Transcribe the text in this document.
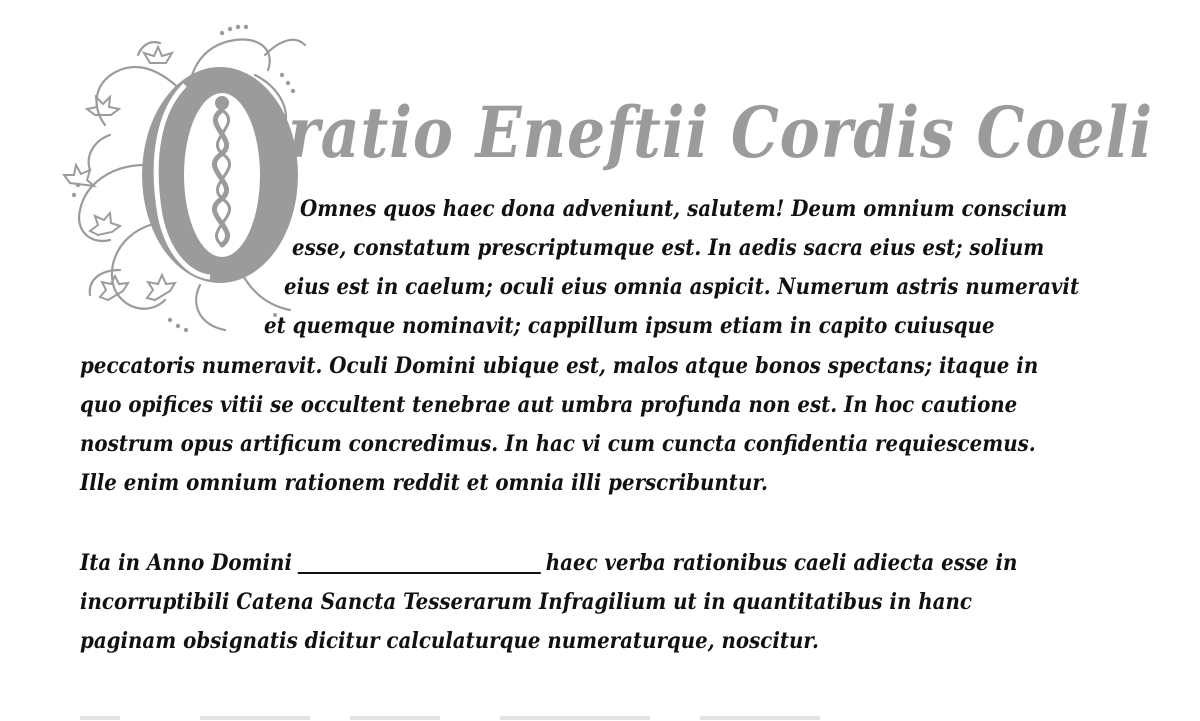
ratio Eneftii Cordis Coeli
Omnes quos haec dona adveniunt, salutem! Deum omnium conscium
esse, constatum prescriptumque est. In aedis sacra eius est; solium
eius est in caelum; oculi eius omnia aspicit. Numerum astris numeravit
et quemque nominavit; cappillum ipsum etiam in capito cuiusque
peccatoris numeravit. Oculi Domini ubique est, malos atque bonos spectans; itaque in
quo opifices vitii se occultent tenebrae aut umbra profunda non est. In hoc cautione
nostrum opus artificum concredimus. In hac vi cum cuncta confidentia requiescemus.
Ille enim omnium rationem reddit et omnia illi perscribuntur.
Ita in Anno Domini	haec verba rationibus caeli adiecta esse in
incorruptibili Catena Sancta Tesserarum Infragilium ut in quantitatibus in hanc
paginam obsignatis dicitur calculaturque numeraturque, noscitur.
